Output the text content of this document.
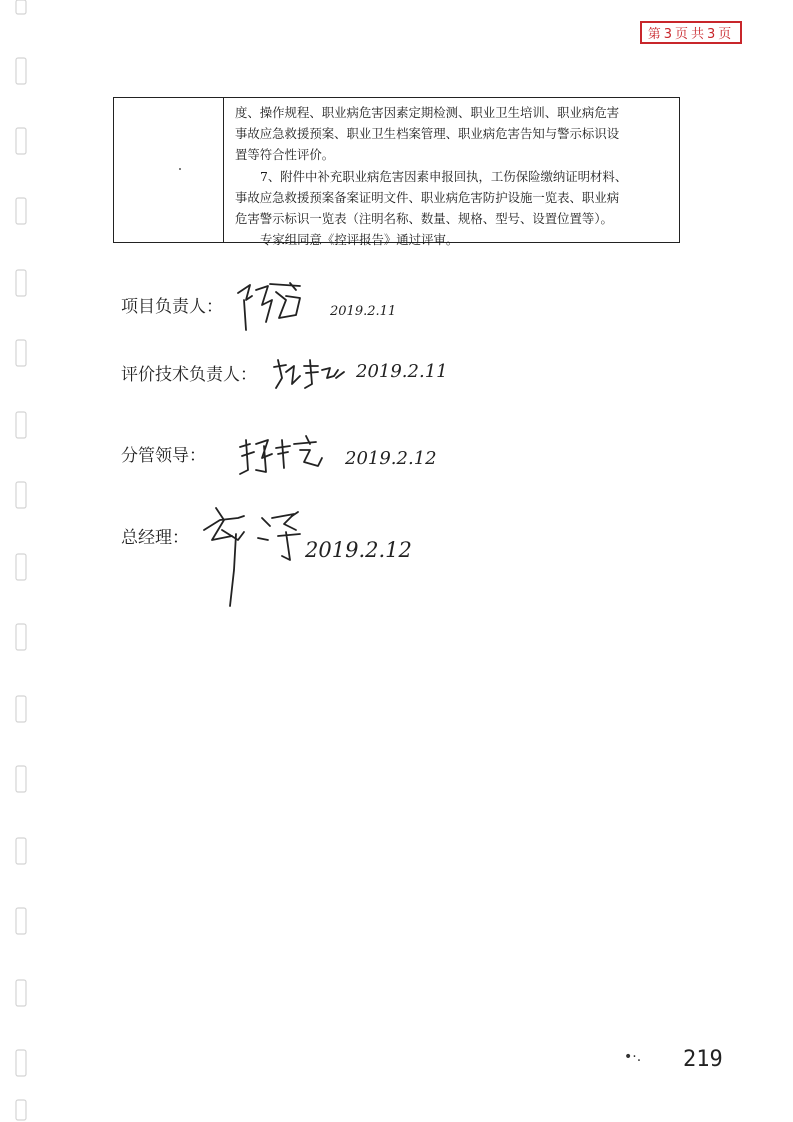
第3页共3页

度、操作规程、职业病危害因素定期检测、职业卫生培训、职业病危害

事故应急救援预案、职业卫生档案管理、职业病危害告知与警示标识设

置等符合性评价。

7、附件中补充职业病危害因素申报回执，工伤保险缴纳证明材料、

事故应急救援预案备案证明文件、职业病危害防护设施一览表、职业病

危害警示标识一览表（注明名称、数量、规格、型号、设置位置等）。

专家组同意《控评报告》通过评审。

项目负责人：
评价技术负责人：
分管领导：
总经理：
2019.2.11
2019.2.11
2019.2.12
2019.2.12
•·. 219
